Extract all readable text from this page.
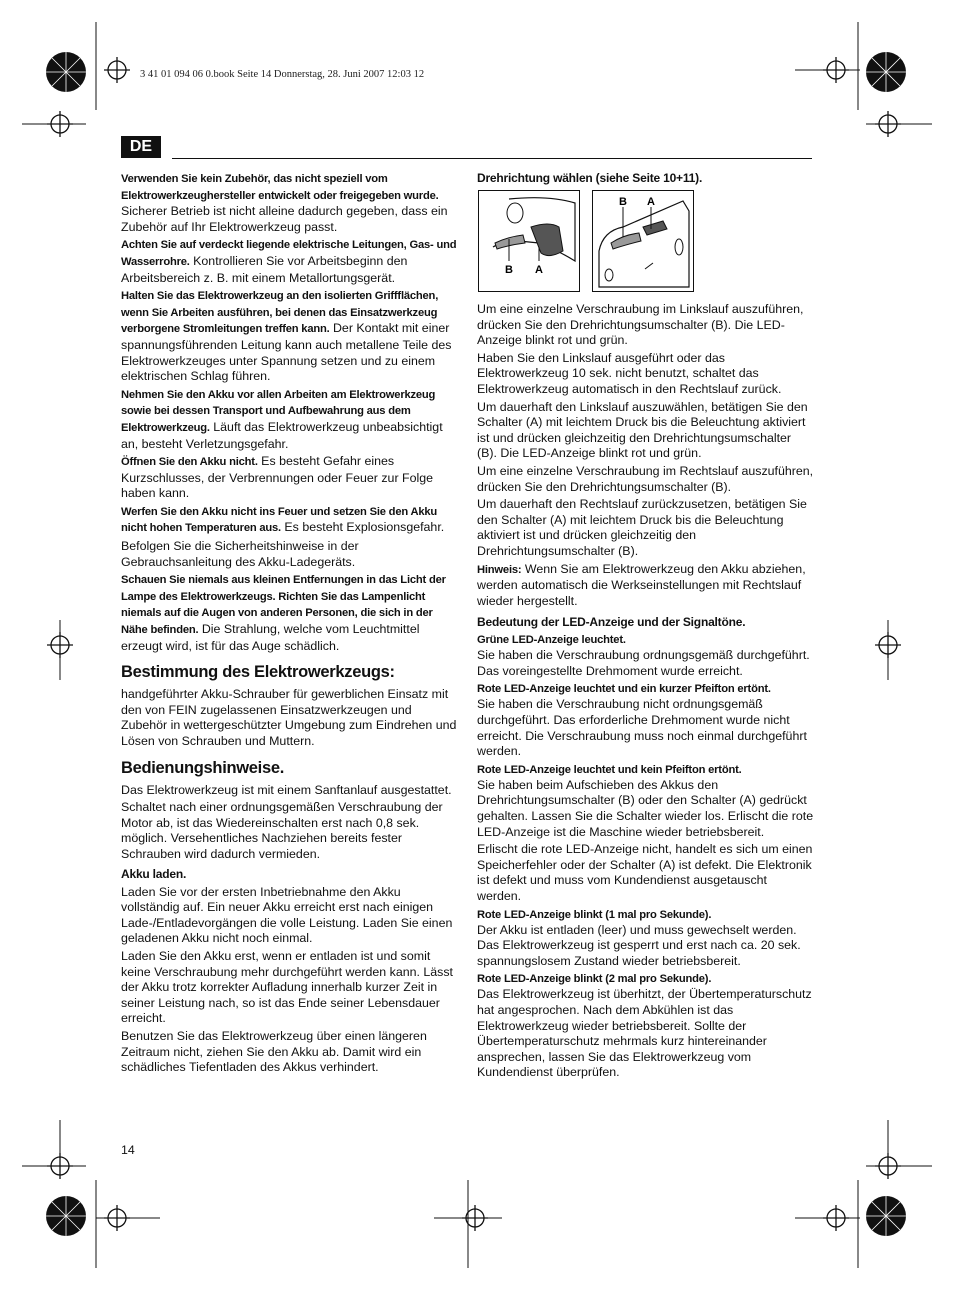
3 41 01 094 06 0.book Seite 14 Donnerstag, 28. Juni 2007 12:03 12
DE

Verwenden Sie kein Zubehör, das nicht speziell vom Elektrowerkzeughersteller entwickelt oder freigegeben wurde. Sicherer Betrieb ist nicht alleine dadurch gegeben, dass ein Zubehör auf Ihr Elektrowerkzeug passt.

Achten Sie auf verdeckt liegende elektrische Leitungen, Gas- und Wasserrohre. Kontrollieren Sie vor Arbeitsbeginn den Arbeitsbereich z. B. mit einem Metallortungsgerät.

Halten Sie das Elektrowerkzeug an den isolierten Griffflächen, wenn Sie Arbeiten ausführen, bei denen das Einsatzwerkzeug verborgene Stromleitungen treffen kann. Der Kontakt mit einer spannungsführenden Leitung kann auch metallene Teile des Elektrowerkzeuges unter Spannung setzen und zu einem elektrischen Schlag führen.

Nehmen Sie den Akku vor allen Arbeiten am Elektrowerkzeug sowie bei dessen Transport und Aufbewahrung aus dem Elektrowerkzeug. Läuft das Elektrowerkzeug unbeabsichtigt an, besteht Verletzungsgefahr.

Öffnen Sie den Akku nicht. Es besteht Gefahr eines Kurzschlusses, der Verbrennungen oder Feuer zur Folge haben kann.

Werfen Sie den Akku nicht ins Feuer und setzen Sie den Akku nicht hohen Temperaturen aus. Es besteht Explosionsgefahr.

Befolgen Sie die Sicherheitshinweise in der Gebrauchsanleitung des Akku-Ladegeräts.

Schauen Sie niemals aus kleinen Entfernungen in das Licht der Lampe des Elektrowerkzeugs. Richten Sie das Lampenlicht niemals auf die Augen von anderen Personen, die sich in der Nähe befinden. Die Strahlung, welche vom Leuchtmittel erzeugt wird, ist für das Auge schädlich.

Bestimmung des Elektrowerkzeugs:

handgeführter Akku-Schrauber für gewerblichen Einsatz mit den von FEIN zugelassenen Einsatzwerkzeugen und Zubehör in wettergeschützter Umgebung zum Eindrehen und Lösen von Schrauben und Muttern.

Bedienungshinweise.

Das Elektrowerkzeug ist mit einem Sanftanlauf ausgestattet.

Schaltet nach einer ordnungsgemäßen Verschraubung der Motor ab, ist das Wiedereinschalten erst nach 0,8 sek. möglich. Versehentliches Nachziehen bereits fester Schrauben wird dadurch vermieden.

Akku laden.

Laden Sie vor der ersten Inbetriebnahme den Akku vollständig auf. Ein neuer Akku erreicht erst nach einigen Lade-/Entladevorgängen die volle Leistung. Laden Sie einen geladenen Akku nicht noch einmal.

Laden Sie den Akku erst, wenn er entladen ist und somit keine Verschraubung mehr durchgeführt werden kann. Lässt der Akku trotz korrekter Aufladung innerhalb kurzer Zeit in seiner Leistung nach, so ist das Ende seiner Lebensdauer erreicht.

Benutzen Sie das Elektrowerkzeug über einen längeren Zeitraum nicht, ziehen Sie den Akku ab. Damit wird ein schädliches Tiefentladen des Akkus verhindert.

Drehrichtung wählen (siehe Seite 10+11).
B A
B A

Um eine einzelne Verschraubung im Linkslauf auszuführen, drücken Sie den Drehrichtungsumschalter (B). Die LED-Anzeige blinkt rot und grün.

Haben Sie den Linkslauf ausgeführt oder das Elektrowerkzeug 10 sek. nicht benutzt, schaltet das Elektrowerkzeug automatisch in den Rechtslauf zurück.

Um dauerhaft den Linkslauf auszuwählen, betätigen Sie den Schalter (A) mit leichtem Druck bis die Beleuchtung aktiviert ist und drücken gleichzeitig den Drehrichtungsumschalter (B). Die LED-Anzeige blinkt rot und grün.

Um eine einzelne Verschraubung im Rechtslauf auszuführen, drücken Sie den Drehrichtungsumschalter (B).

Um dauerhaft den Rechtslauf zurückzusetzen, betätigen Sie den Schalter (A) mit leichtem Druck bis die Beleuchtung aktiviert ist und drücken gleichzeitig den Drehrichtungsumschalter (B).

Hinweis: Wenn Sie am Elektrowerkzeug den Akku abziehen, werden automatisch die Werkseinstellungen mit Rechtslauf wieder hergestellt.

Bedeutung der LED-Anzeige und der Signaltöne.
Grüne LED-Anzeige leuchtet.

Sie haben die Verschraubung ordnungsgemäß durchgeführt. Das voreingestellte Drehmoment wurde erreicht.

Rote LED-Anzeige leuchtet und ein kurzer Pfeifton ertönt.

Sie haben die Verschraubung nicht ordnungsgemäß durchgeführt. Das erforderliche Drehmoment wurde nicht erreicht. Die Verschraubung muss noch einmal durchgeführt werden.

Rote LED-Anzeige leuchtet und kein Pfeifton ertönt.

Sie haben beim Aufschieben des Akkus den Drehrichtungsumschalter (B) oder den Schalter (A) gedrückt gehalten. Lassen Sie die Schalter wieder los. Erlischt die rote LED-Anzeige ist die Maschine wieder betriebsbereit.

Erlischt die rote LED-Anzeige nicht, handelt es sich um einen Speicherfehler oder der Schalter (A) ist defekt. Die Elektronik ist defekt und muss vom Kundendienst ausgetauscht werden.

Rote LED-Anzeige blinkt (1 mal pro Sekunde).

Der Akku ist entladen (leer) und muss gewechselt werden. Das Elektrowerkzeug ist gesperrt und erst nach ca. 20 sek. spannungslosem Zustand wieder betriebsbereit.

Rote LED-Anzeige blinkt (2 mal pro Sekunde).

Das Elektrowerkzeug ist überhitzt, der Übertemperaturschutz hat angesprochen. Nach dem Abkühlen ist das Elektrowerkzeug wieder betriebsbereit. Sollte der Übertemperaturschutz mehrmals kurz hintereinander ansprechen, lassen Sie das Elektrowerkzeug vom Kundendienst überprüfen.

14
